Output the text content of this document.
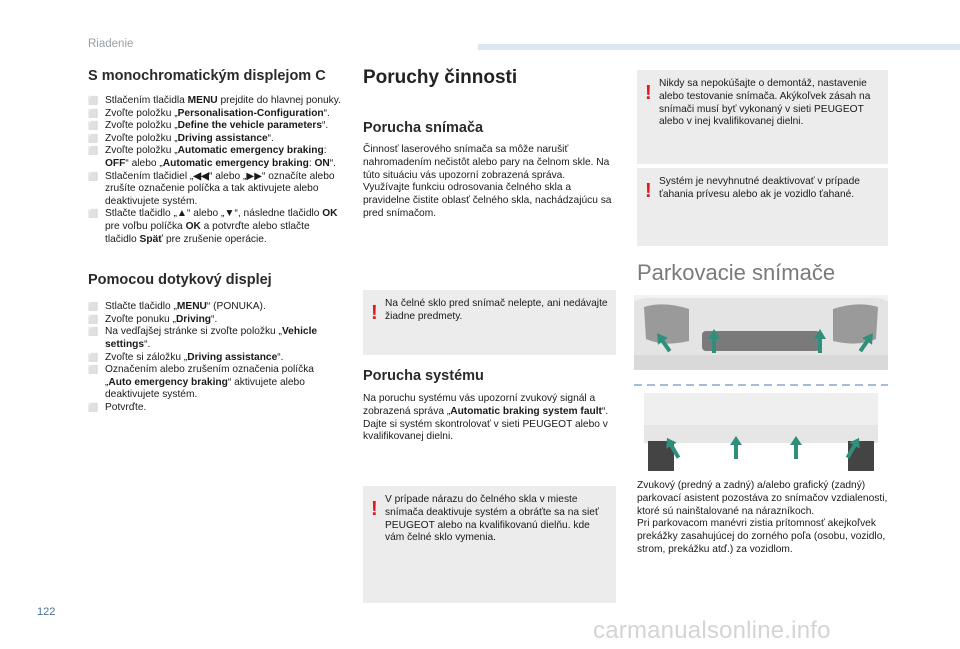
Riadenie
S monochromatickým displejom C
⬜ Stlačením tlačidla MENU prejdite do hlavnej ponuky.
⬜ Zvoľte položku „Personalisation-Configuration“.
⬜ Zvoľte položku „Define the vehicle parameters“.
⬜ Zvoľte položku „Driving assistance“.
⬜ Zvoľte položku „Automatic emergency braking: OFF“ alebo „Automatic emergency braking: ON“.
⬜ Stlačením tlačidiel „◀◀“ alebo „▶▶“ označíte alebo zrušíte označenie políčka a tak aktivujete alebo deaktivujete systém.
⬜ Stlačte tlačidlo „▲“ alebo „▼“, následne tlačidlo OK pre voľbu políčka OK a potvrďte alebo stlačte tlačidlo Späť pre zrušenie operácie.
Pomocou dotykový displej
⬜ Stlačte tlačidlo „MENU“ (PONUKA).
⬜ Zvoľte ponuku „Driving“.
⬜ Na vedľajšej stránke si zvoľte položku „Vehicle settings“.
⬜ Zvoľte si záložku „Driving assistance“.
⬜ Označením alebo zrušením označenia políčka „Auto emergency braking“ aktivujete alebo deaktivujete systém.
⬜ Potvrďte.
Poruchy činnosti
Porucha snímača
Činnosť laserového snímača sa môže narušiť nahromadením nečistôt alebo pary na čelnom skle. Na túto situáciu vás upozorní zobrazená správa.
Využívajte funkciu odrosovania čelného skla a pravidelne čistite oblasť čelného skla, nachádzajúcu sa pred snímačom.
! Na čelné sklo pred snímač nelepte, ani nedávajte žiadne predmety.
Porucha systému
Na poruchu systému vás upozorní zvukový signál a zobrazená správa „Automatic braking system fault“.
Dajte si systém skontrolovať v sieti PEUGEOT alebo v kvalifikovanej dielni.
! V prípade nárazu do čelného skla v mieste snímača deaktivuje systém a obráťte sa na sieť PEUGEOT alebo na kvalifikovanú dielňu. kde vám čelné sklo vymenia.
! Nikdy sa nepokúšajte o demontáž, nastavenie alebo testovanie snímača. Akýkoľvek zásah na snímači musí byť vykonaný v sieti PEUGEOT alebo v inej kvalifikovanej dielni.
! Systém je nevyhnutné deaktivovať v prípade ťahania prívesu alebo ak je vozidlo ťahané.
Parkovacie snímače
Zvukový (predný a zadný) a/alebo grafický (zadný) parkovací asistent pozostáva zo snímačov vzdialenosti, ktoré sú nainštalované na nárazníkoch.
Pri parkovacom manévri zistia prítomnosť akejkoľvek prekážky zasahujúcej do zorného poľa (osobu, vozidlo, strom, prekážku atď.) za vozidlom.
122
carmanualsonline.info
